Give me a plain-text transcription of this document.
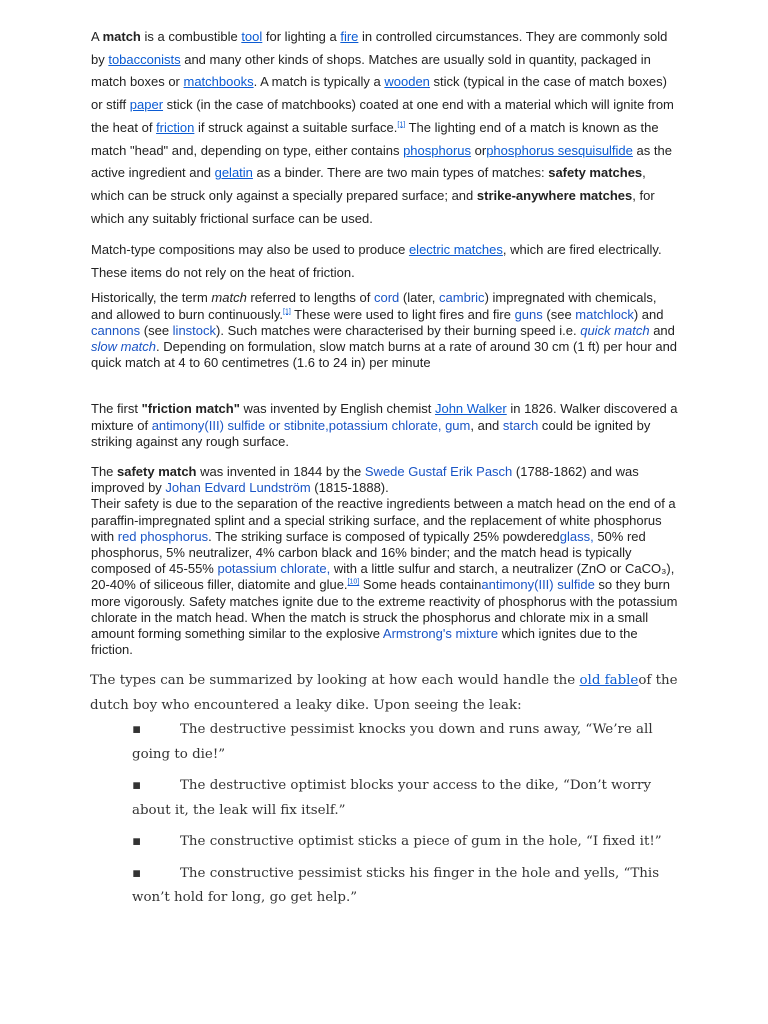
A match is a combustible tool for lighting a fire in controlled circumstances. They are commonly sold by tobacconists and many other kinds of shops. Matches are usually sold in quantity, packaged in match boxes or matchbooks. A match is typically a wooden stick (typical in the case of match boxes) or stiff paper stick (in the case of matchbooks) coated at one end with a material which will ignite from the heat of friction if struck against a suitable surface.[1] The lighting end of a match is known as the match "head" and, depending on type, either contains phosphorus orphosphorus sesquisulfide as the active ingredient and gelatin as a binder. There are two main types of matches: safety matches, which can be struck only against a specially prepared surface; and strike-anywhere matches, for which any suitably frictional surface can be used.

Match-type compositions may also be used to produce electric matches, which are fired electrically. These items do not rely on the heat of friction.

Historically, the term match referred to lengths of cord (later, cambric) impregnated with chemicals, and allowed to burn continuously.[1] These were used to light fires and fire guns (see matchlock) and cannons (see linstock). Such matches were characterised by their burning speed i.e. quick match and slow match. Depending on formulation, slow match burns at a rate of around 30 cm (1 ft) per hour and quick match at 4 to 60 centimetres (1.6 to 24 in) per minute

The first "friction match" was invented by English chemist John Walker in 1826. Walker discovered a mixture of antimony(III) sulfide or stibnite,potassium chlorate, gum, and starch could be ignited by striking against any rough surface.

The safety match was invented in 1844 by the Swede Gustaf Erik Pasch (1788-1862) and was improved by Johan Edvard Lundström (1815-1888).
Their safety is due to the separation of the reactive ingredients between a match head on the end of a paraffin-impregnated splint and a special striking surface, and the replacement of white phosphorus with red phosphorus. The striking surface is composed of typically 25% powderedglass, 50% red phosphorus, 5% neutralizer, 4% carbon black and 16% binder; and the match head is typically composed of 45-55% potassium chlorate, with a little sulfur and starch, a neutralizer (ZnO or CaCO₃), 20-40% of siliceous filler, diatomite and glue.[10] Some heads containantimony(III) sulfide so they burn more vigorously. Safety matches ignite due to the extreme reactivity of phosphorus with the potassium chlorate in the match head. When the match is struck the phosphorus and chlorate mix in a small amount forming something similar to the explosive Armstrong's mixture which ignites due to the friction.

The types can be summarized by looking at how each would handle the old fableof the dutch boy who encountered a leaky dike. Upon seeing the leak:
▪	The destructive pessimist knocks you down and runs away, “We’re all going to die!”
▪	The destructive optimist blocks your access to the dike, “Don’t worry about it, the leak will fix itself.”
▪	The constructive optimist sticks a piece of gum in the hole, “I fixed it!”
▪	The constructive pessimist sticks his finger in the hole and yells, “This won’t hold for long, go get help.”
